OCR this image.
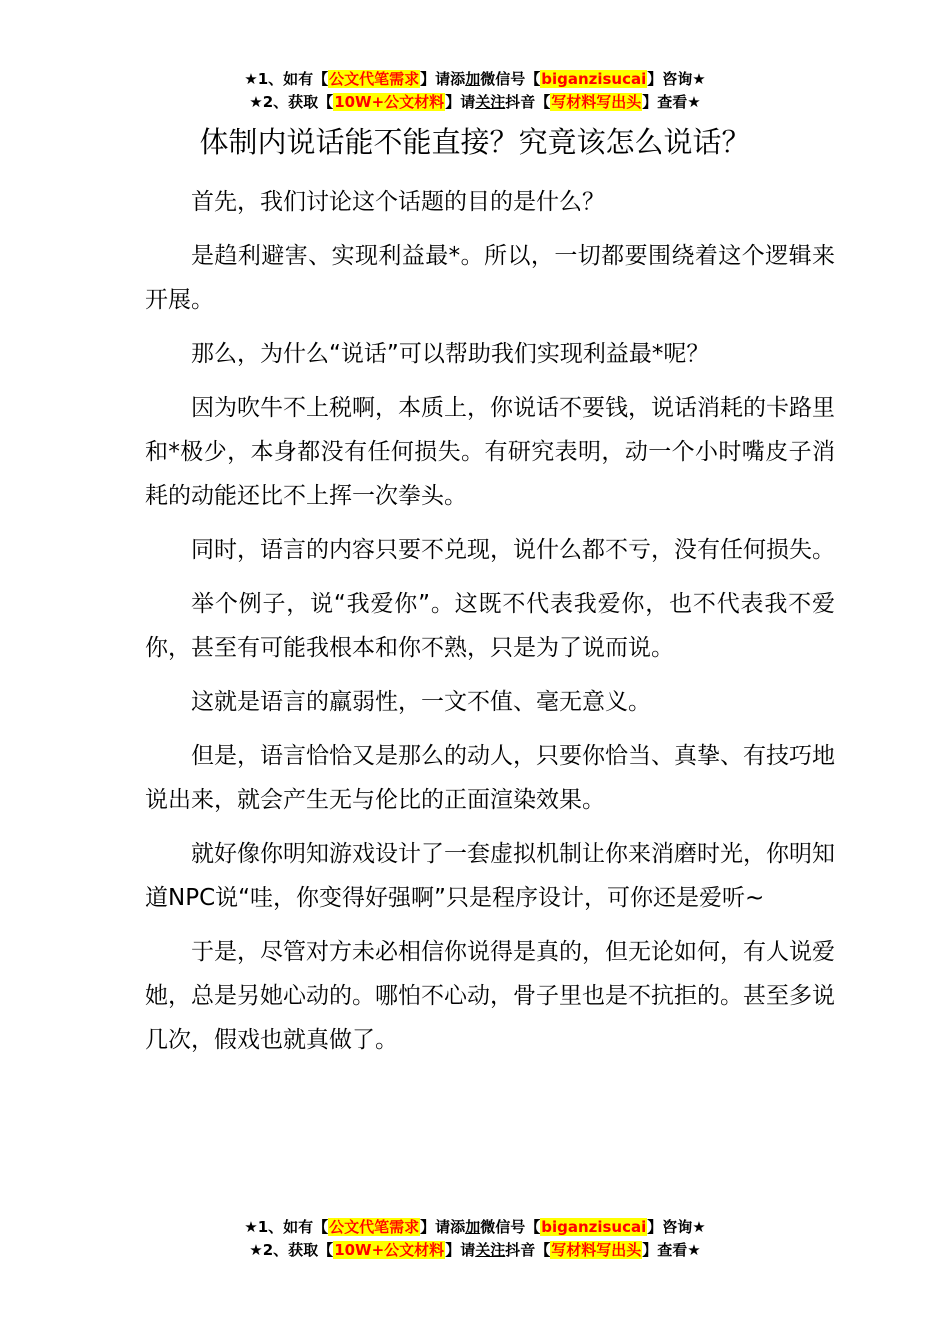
★1、如有【公文代笔需求】请添加微信号【biganzisucai】咨询★
★2、获取【10W+公文材料】请关注抖音【写材料写出头】查看★
体制内说话能不能直接？究竟该怎么说话？

首先，我们讨论这个话题的目的是什么？

是趋利避害、实现利益最*。所以，一切都要围绕着这个逻辑来开展。

那么，为什么“说话”可以帮助我们实现利益最*呢？

因为吹牛不上税啊，本质上，你说话不要钱，说话消耗的卡路里和*极少，本身都没有任何损失。有研究表明，动一个小时嘴皮子消耗的动能还比不上挥一次拳头。

同时，语言的内容只要不兑现，说什么都不亏，没有任何损失。

举个例子，说“我爱你”。这既不代表我爱你，也不代表我不爱你，甚至有可能我根本和你不熟，只是为了说而说。

这就是语言的羸弱性，一文不值、毫无意义。

但是，语言恰恰又是那么的动人，只要你恰当、真挚、有技巧地说出来，就会产生无与伦比的正面渲染效果。

就好像你明知游戏设计了一套虚拟机制让你来消磨时光，你明知道NPC说“哇，你变得好强啊”只是程序设计，可你还是爱听~

于是，尽管对方未必相信你说得是真的，但无论如何，有人说爱她，总是另她心动的。哪怕不心动，骨子里也是不抗拒的。甚至多说几次，假戏也就真做了。

★1、如有【公文代笔需求】请添加微信号【biganzisucai】咨询★
★2、获取【10W+公文材料】请关注抖音【写材料写出头】查看★
